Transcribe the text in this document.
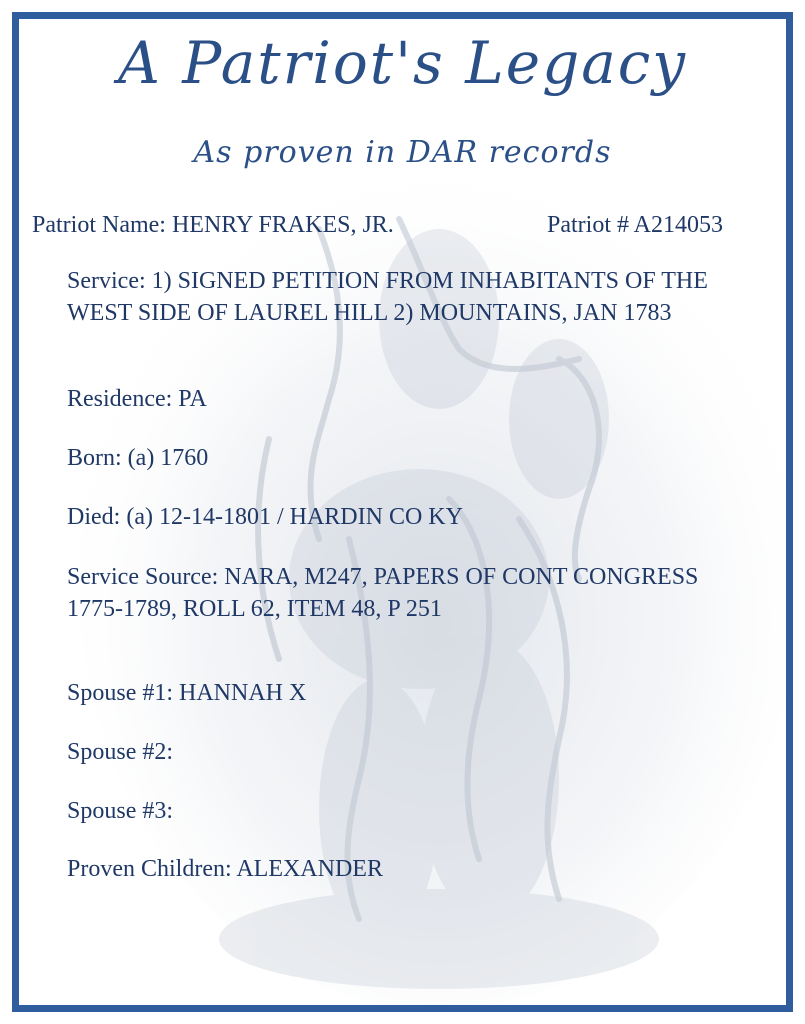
A Patriot's Legacy
As proven in DAR records

Patriot Name: HENRY FRAKES, JR.	Patriot # A214053

Service: 1) SIGNED PETITION FROM INHABITANTS OF THE WEST SIDE OF LAUREL HILL 2) MOUNTAINS, JAN 1783

Residence: PA

Born: (a) 1760

Died: (a) 12-14-1801 / HARDIN CO KY

Service Source: NARA, M247, PAPERS OF CONT CONGRESS 1775-1789, ROLL 62, ITEM 48, P 251

Spouse #1: HANNAH X

Spouse #2:

Spouse #3:

Proven Children: ALEXANDER
